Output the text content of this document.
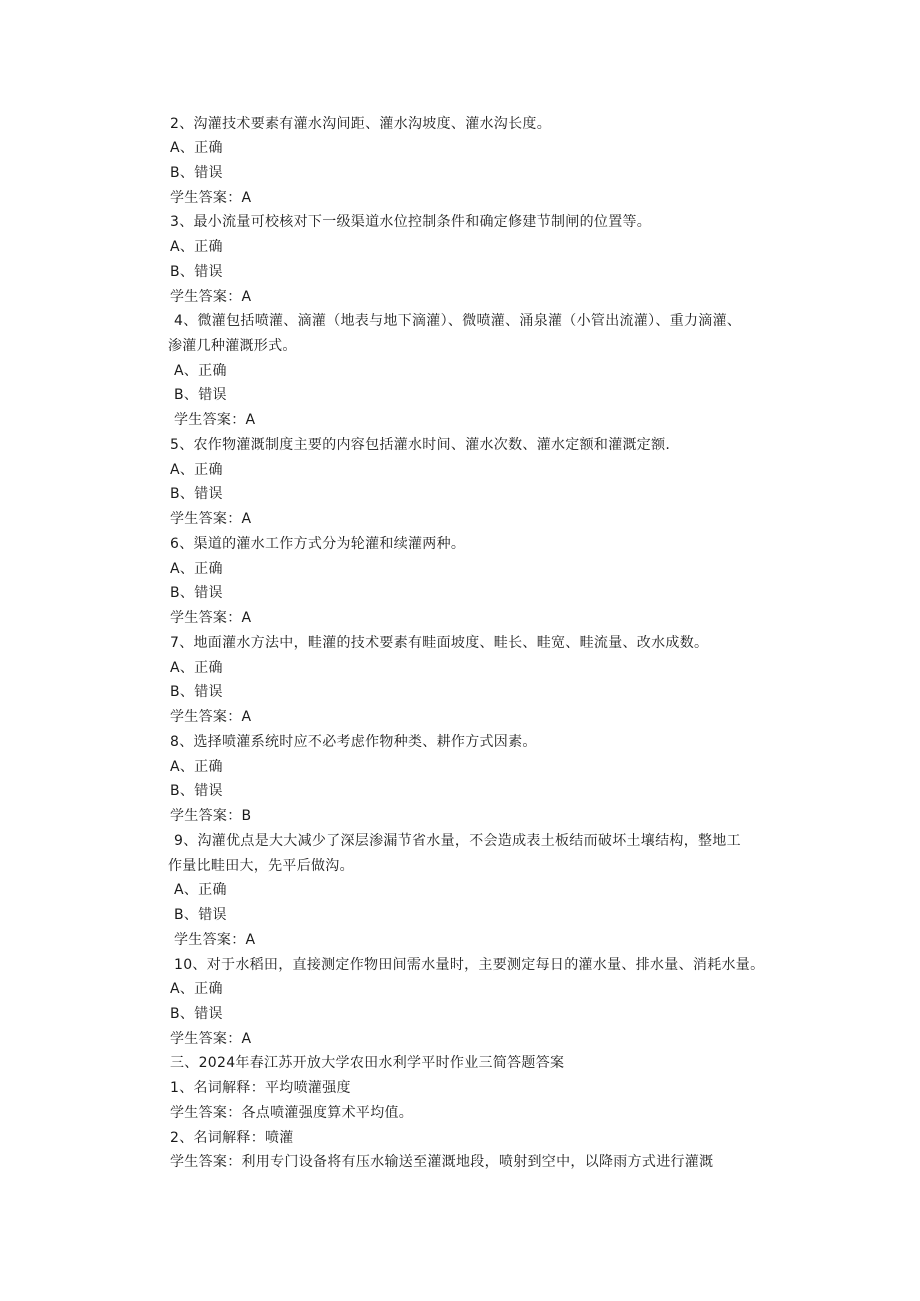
2、沟灌技术要素有灌水沟间距、灌水沟坡度、灌水沟长度。
A、正确
B、错误
学生答案：A
3、最小流量可校核对下一级渠道水位控制条件和确定修建节制闸的位置等。
A、正确
B、错误
学生答案：A
4、微灌包括喷灌、滴灌（地表与地下滴灌）、微喷灌、涌泉灌（小管出流灌）、重力滴灌、
渗灌几种灌溉形式。
A、正确
B、错误
学生答案：A
5、农作物灌溉制度主要的内容包括灌水时间、灌水次数、灌水定额和灌溉定额.
A、正确
B、错误
学生答案：A
6、渠道的灌水工作方式分为轮灌和续灌两种。
A、正确
B、错误
学生答案：A
7、地面灌水方法中，畦灌的技术要素有畦面坡度、畦长、畦宽、畦流量、改水成数。
A、正确
B、错误
学生答案：A
8、选择喷灌系统时应不必考虑作物种类、耕作方式因素。
A、正确
B、错误
学生答案：B
9、沟灌优点是大大减少了深层渗漏节省水量，不会造成表土板结而破坏土壤结构，整地工
作量比畦田大，先平后做沟。
A、正确
B、错误
学生答案：A
10、对于水稻田，直接测定作物田间需水量时，主要测定每日的灌水量、排水量、消耗水量。
A、正确
B、错误
学生答案：A
三、2024年春江苏开放大学农田水利学平时作业三简答题答案
1、名词解释：平均喷灌强度
学生答案：各点喷灌强度算术平均值。
2、名词解释：喷灌
学生答案：利用专门设备将有压水输送至灌溉地段，喷射到空中，以降雨方式进行灌溉
